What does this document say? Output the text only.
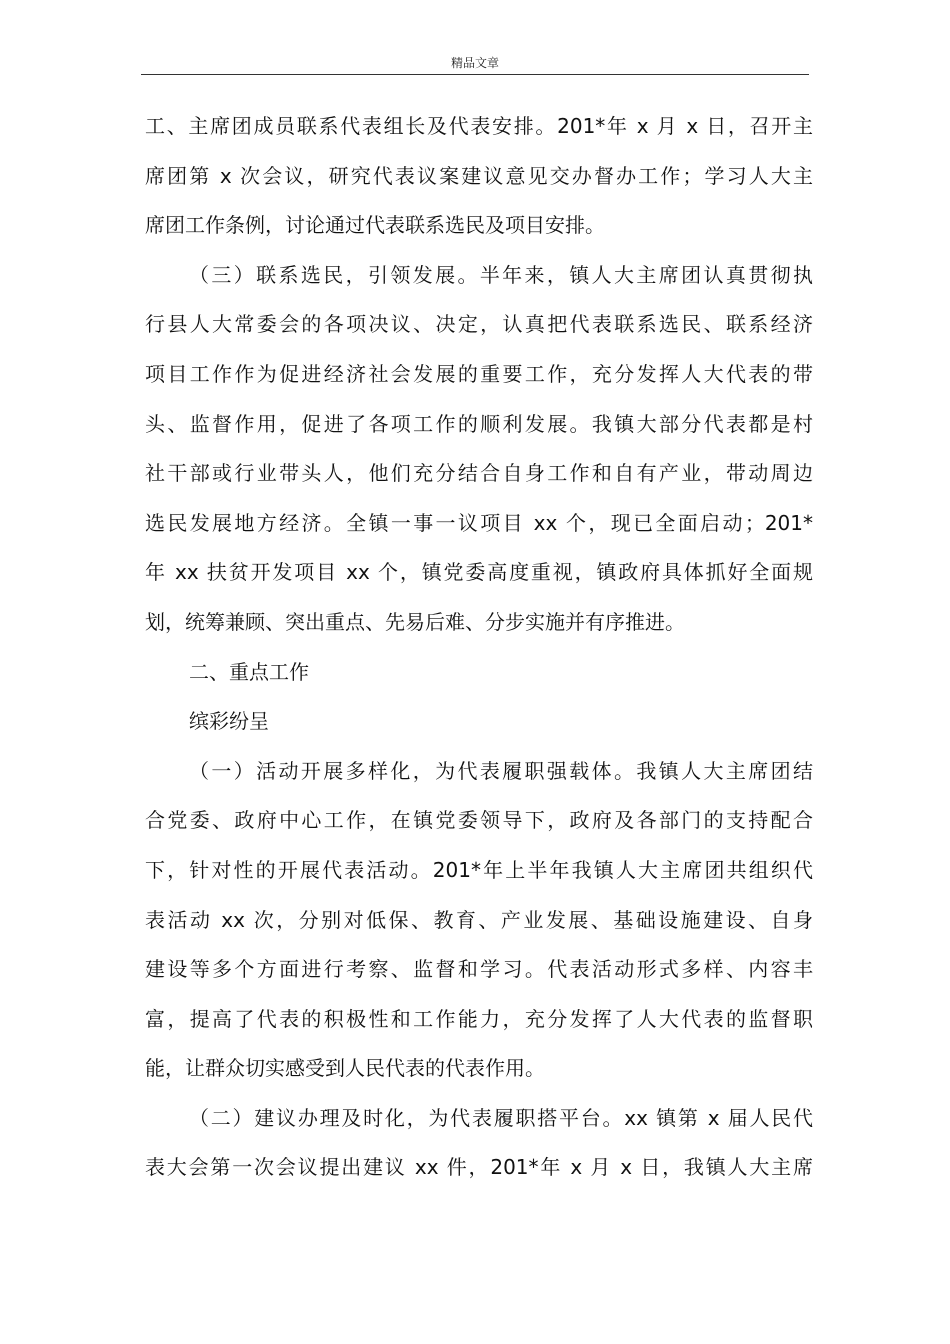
精品文章
工、主席团成员联系代表组长及代表安排。201*年 x 月 x 日，召开主
席团第 x 次会议，研究代表议案建议意见交办督办工作；学习人大主
席团工作条例，讨论通过代表联系选民及项目安排。
（三）联系选民，引领发展。半年来，镇人大主席团认真贯彻执
行县人大常委会的各项决议、决定，认真把代表联系选民、联系经济
项目工作作为促进经济社会发展的重要工作，充分发挥人大代表的带
头、监督作用，促进了各项工作的顺利发展。我镇大部分代表都是村
社干部或行业带头人，他们充分结合自身工作和自有产业，带动周边
选民发展地方经济。全镇一事一议项目 xx 个，现已全面启动；201*
年 xx 扶贫开发项目 xx 个，镇党委高度重视，镇政府具体抓好全面规
划，统筹兼顾、突出重点、先易后难、分步实施并有序推进。
二、重点工作
缤彩纷呈
（一）活动开展多样化，为代表履职强载体。我镇人大主席团结
合党委、政府中心工作，在镇党委领导下，政府及各部门的支持配合
下，针对性的开展代表活动。201*年上半年我镇人大主席团共组织代
表活动 xx 次，分别对低保、教育、产业发展、基础设施建设、自身
建设等多个方面进行考察、监督和学习。代表活动形式多样、内容丰
富，提高了代表的积极性和工作能力，充分发挥了人大代表的监督职
能，让群众切实感受到人民代表的代表作用。
（二）建议办理及时化，为代表履职搭平台。xx 镇第 x 届人民代
表大会第一次会议提出建议 xx 件，201*年 x 月 x 日，我镇人大主席
